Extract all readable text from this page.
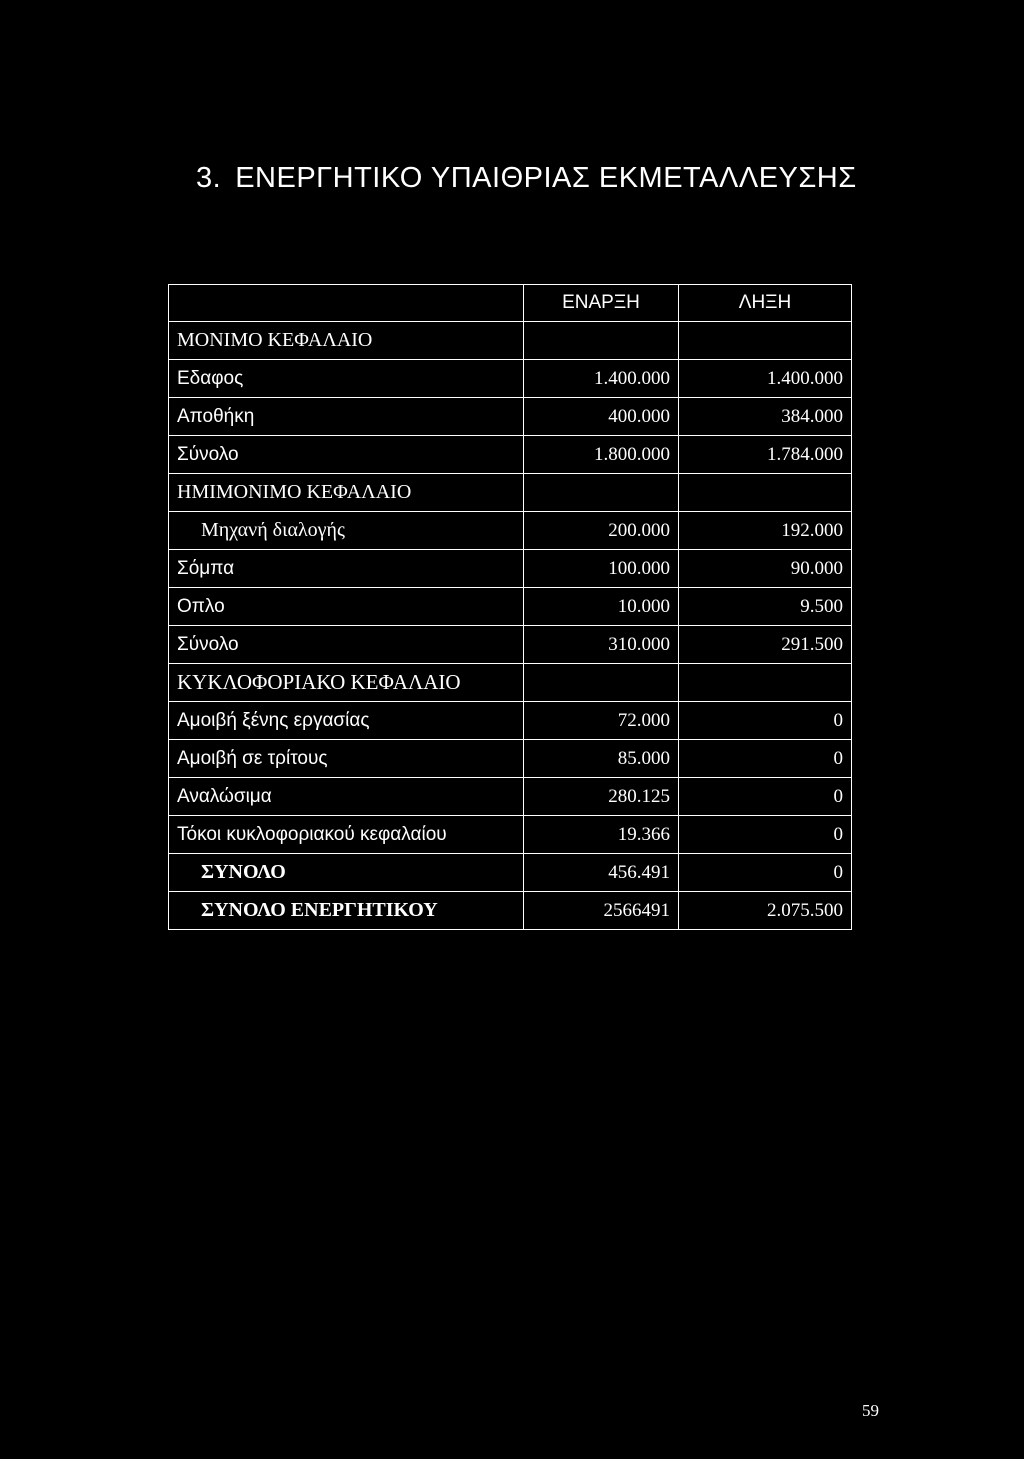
3. ΕΝΕΡΓΗΤΙΚΟ ΥΠΑΙΘΡΙΑΣ ΕΚΜΕΤΑΛΛΕΥΣΗΣ
	ΕΝΑΡΞΗ	ΛΗΞΗ
ΜΟΝΙΜΟ ΚΕΦΑΛΑΙΟ		
Εδαφος	1.400.000	1.400.000
Αποθήκη	400.000	384.000
Σύνολο	1.800.000	1.784.000
ΗΜΙΜΟΝΙΜΟ ΚΕΦΑΛΑΙΟ		
Μηχανή διαλογής	200.000	192.000
Σόμπα	100.000	90.000
Οπλο	10.000	9.500
Σύνολο	310.000	291.500
ΚΥΚΛΟΦΟΡΙΑΚΟ ΚΕΦΑΛΑΙΟ		
Αμοιβή ξένης εργασίας	72.000	0
Αμοιβή σε τρίτους	85.000	0
Αναλώσιμα	280.125	0
Τόκοι κυκλοφοριακού κεφαλαίου	19.366	0
ΣΥΝΟΛΟ	456.491	0
ΣΥΝΟΛΟ ΕΝΕΡΓΗΤΙΚΟΥ	2566491	2.075.500
59
